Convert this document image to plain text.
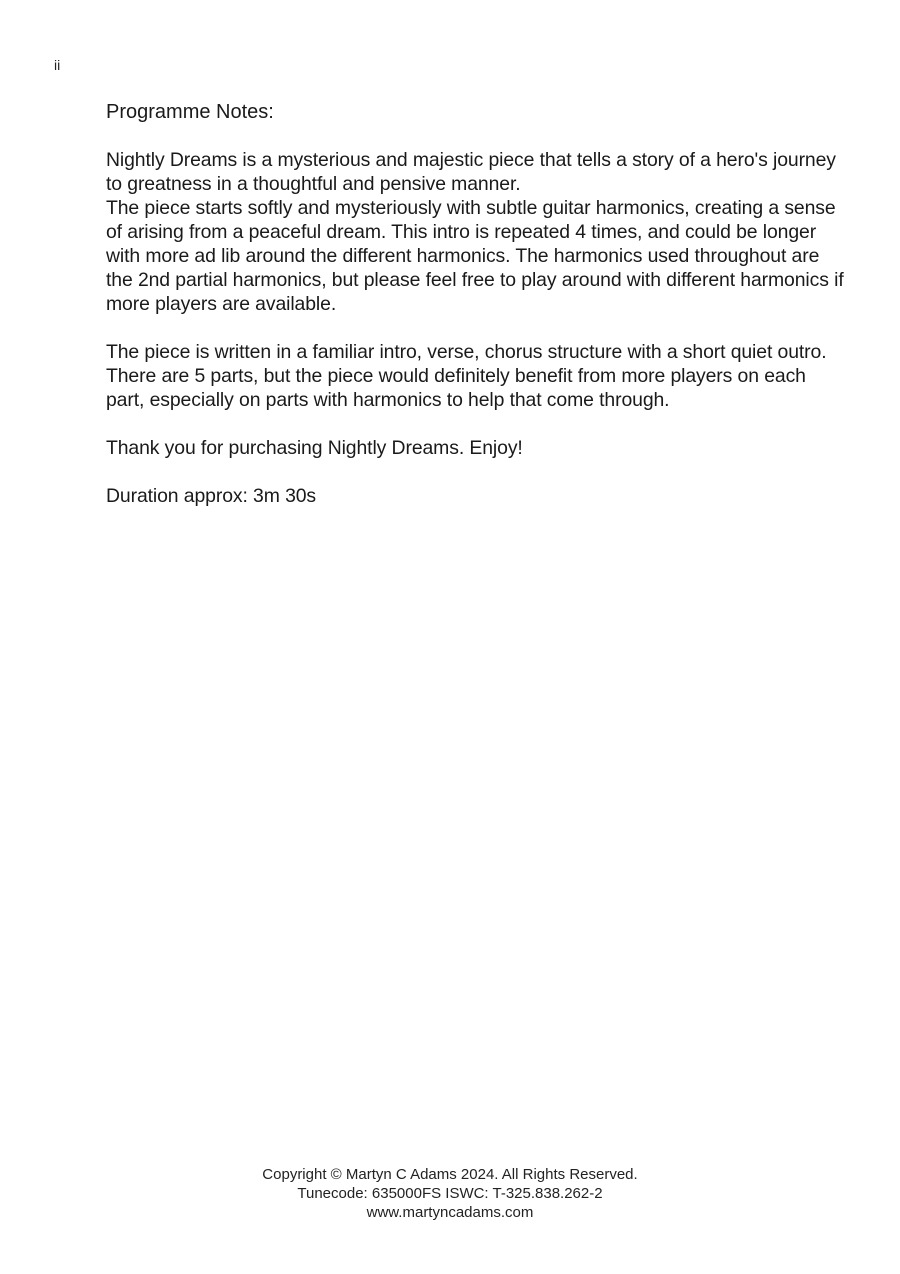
ii
Programme Notes:

Nightly Dreams is a mysterious and majestic piece that tells a story of a hero's journey to greatness in a thoughtful and pensive manner.

The piece starts softly and mysteriously with subtle guitar harmonics, creating a sense of arising from a peaceful dream. This intro is repeated 4 times, and could be longer with more ad lib around the different harmonics. The harmonics used throughout are the 2nd partial harmonics, but please feel free to play around with different harmonics if more players are available.

The piece is written in a familiar intro, verse, chorus structure with a short quiet outro. There are 5 parts, but the piece would definitely benefit from more players on each part, especially on parts with harmonics to help that come through.

Thank you for purchasing Nightly Dreams. Enjoy!

Duration approx: 3m 30s

Copyright © Martyn C Adams 2024. All Rights Reserved.
Tunecode: 635000FS ISWC: T-325.838.262-2
www.martyncadams.com
